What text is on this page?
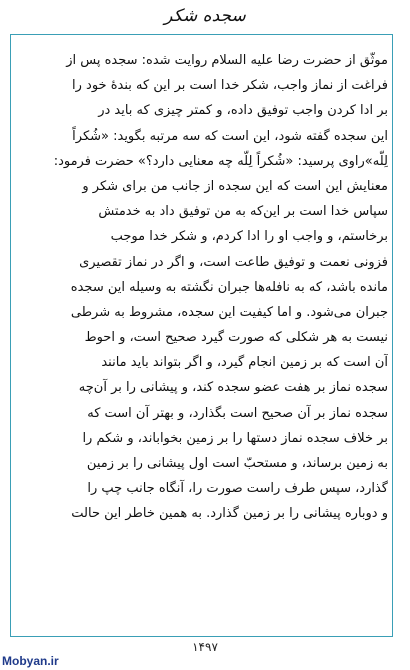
سجده شکر
موثّق از حضرت رضا عليه السلام روايت شده: سجده پس از
فراغت از نماز واجب، شكر خدا است بر اين كه بندهٔ خود را
بر ادا كردن واجب توفيق داده، و كمتر چيزى كه بايد در
اين سجده گفته شود، اين است كه سه مرتبه بگويد: «شُكراً
لِلّه»راوى پرسيد: «شُكراً لِلّه چه معنايى دارد؟» حضرت فرمود:
معنايش اين است كه اين سجده از جانب من براى شكر و
سپاس خدا است بر اين‌كه به من توفيق داد به خدمتش
برخاستم، و واجب او را ادا كردم، و شكر خدا موجب
فزونى نعمت و توفيق طاعت است، و اگر در نماز تقصيرى
مانده باشد، كه به نافله‌ها جبران نگشته به وسيله اين سجده
جبران مى‌شود. و اما كيفيت اين سجده، مشروط به شرطى
نيست به هر شكلى كه صورت گيرد صحيح است، و احوط
آن است كه بر زمين انجام گيرد، و اگر بتواند بايد مانند
سجده نماز بر هفت عضو سجده كند، و پيشانى را بر آن‌چه
سجده نماز بر آن صحيح است بگذارد، و بهتر آن است كه
بر خلاف سجده نماز دستها را بر زمين بخواباند، و شكم را
به زمين برساند، و مستحبّ است اول پيشانى را بر زمين
گذارد، سپس طرف راست صورت را، آنگاه جانب چپ را
و دوباره پيشانى را بر زمين گذارد. به همين خاطر اين حالت
۱۴۹۷
Mobyan.ir
